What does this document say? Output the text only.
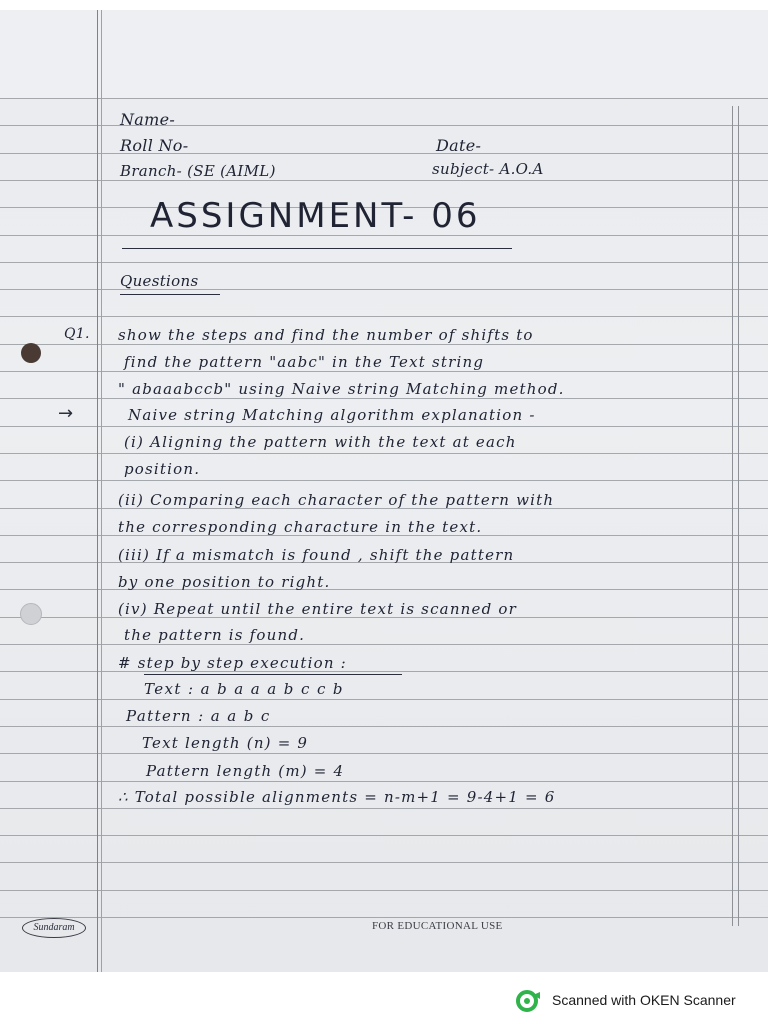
Name-
Roll No-	Date-
Branch- (SE (AIML)	subject- A.O.A
ASSIGNMENT- 06
Questions
Q1. show the steps and find the number of shifts to
find the pattern "aabc" in the Text string
" abaaabccb" using Naive string Matching method.
→	Naive string Matching algorithm explanation -
(i) Aligning the pattern with the text at each
position.
(ii) Comparing each character of the pattern with
the corresponding characture in the text.
(iii) If a mismatch is found , shift the pattern
by one position to right.
(iv) Repeat until the entire text is scanned or
the pattern is found.
# step by step execution :
Text : a b a a a b c c b
Pattern : a a b c
Text length (n) = 9
Pattern length (m) = 4
∴ Total possible alignments = n-m+1 = 9-4+1 = 6
Sundaram	FOR EDUCATIONAL USE
Scanned with OKEN Scanner
